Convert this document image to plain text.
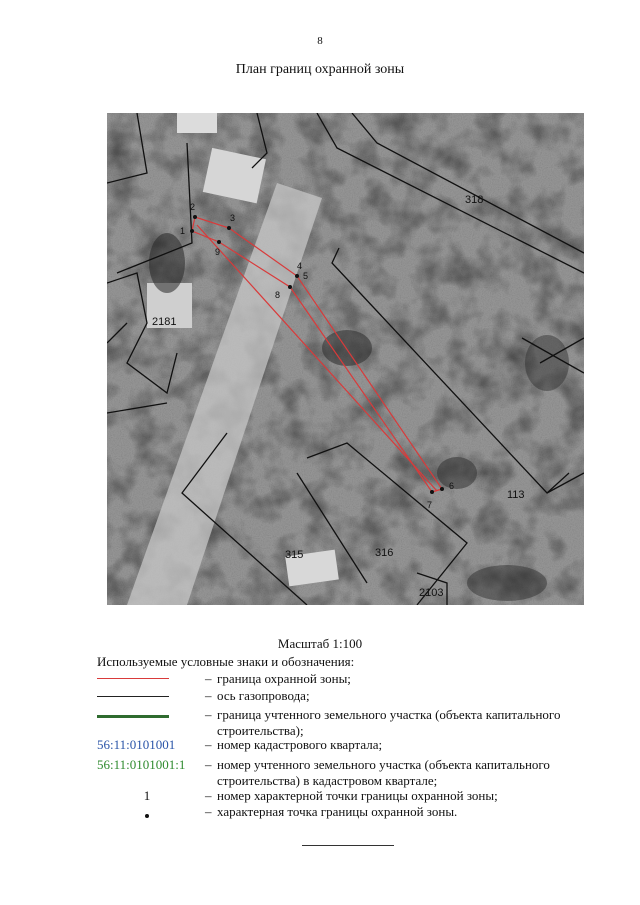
8
План границ охранной зоны
1
2
3
9
4
5
8
6
7
318
113
315	316
2103
2181
Масштаб 1:100
Используемые условные знаки и обозначения:
– граница охранной зоны;
– ось газопровода;
– граница учтенного земельного участка (объекта капитального строительства);
56:11:0101001 – номер кадастрового квартала;
56:11:0101001:1	– номер учтенного земельного участка (объекта капитального строительства) в кадастровом квартале;
1	– номер характерной точки границы охранной зоны;
– характерная точка границы охранной зоны.
